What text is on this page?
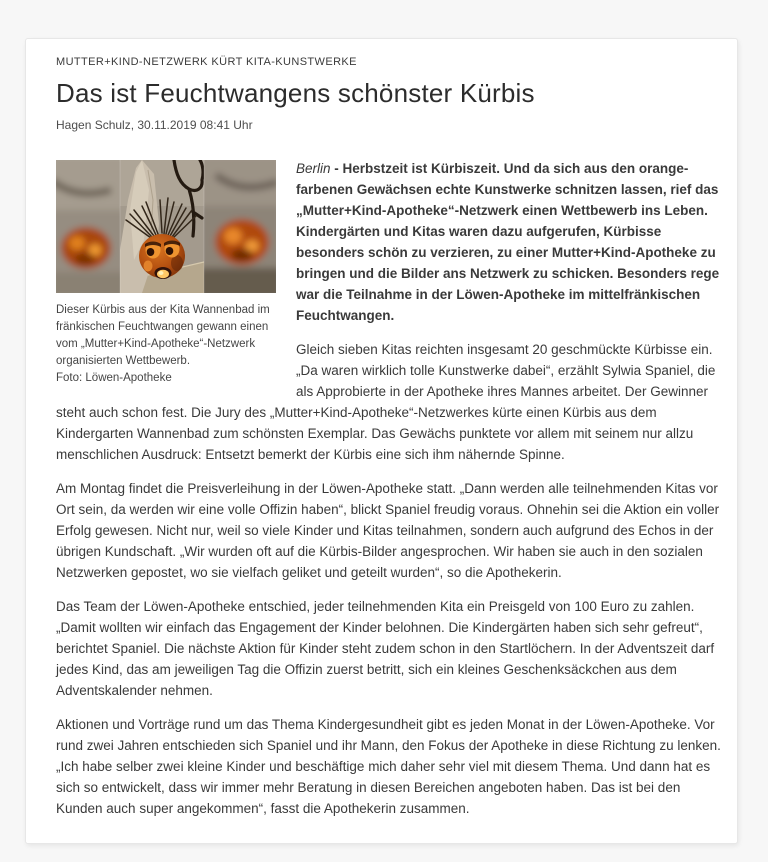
MUTTER+KIND-NETZWERK KÜRT KITA-KUNSTWERKE
Das ist Feuchtwangens schönster Kürbis
Hagen Schulz, 30.11.2019 08:41 Uhr
Dieser Kürbis aus der Kita Wannenbad im fränkischen Feuchtwangen gewann einen vom „Mutter+Kind-Apotheke“-Netzwerk organisierten Wettbewerb.
Foto: Löwen-Apotheke

Berlin - Herbstzeit ist Kürbiszeit. Und da sich aus den orange-farbenen Gewächsen echte Kunstwerke schnitzen lassen, rief das „Mutter+Kind-Apotheke“-Netzwerk einen Wettbewerb ins Leben. Kindergärten und Kitas waren dazu aufgerufen, Kürbisse besonders schön zu verzieren, zu einer Mutter+Kind-Apotheke zu bringen und die Bilder ans Netzwerk zu schicken. Besonders rege war die Teilnahme in der Löwen-Apotheke im mittelfränkischen Feuchtwangen.

Gleich sieben Kitas reichten insgesamt 20 geschmückte Kürbisse ein. „Da waren wirklich tolle Kunstwerke dabei“, erzählt Sylwia Spaniel, die als Approbierte in der Apotheke ihres Mannes arbeitet. Der Gewinner steht auch schon fest. Die Jury des „Mutter+Kind-Apotheke“-Netzwerkes kürte einen Kürbis aus dem Kindergarten Wannenbad zum schönsten Exemplar. Das Gewächs punktete vor allem mit seinem nur allzu menschlichen Ausdruck: Entsetzt bemerkt der Kürbis eine sich ihm nähernde Spinne.

Am Montag findet die Preisverleihung in der Löwen-Apotheke statt. „Dann werden alle teilnehmenden Kitas vor Ort sein, da werden wir eine volle Offizin haben“, blickt Spaniel freudig voraus. Ohnehin sei die Aktion ein voller Erfolg gewesen. Nicht nur, weil so viele Kinder und Kitas teilnahmen, sondern auch aufgrund des Echos in der übrigen Kundschaft. „Wir wurden oft auf die Kürbis-Bilder angesprochen. Wir haben sie auch in den sozialen Netzwerken gepostet, wo sie vielfach geliket und geteilt wurden“, so die Apothekerin.

Das Team der Löwen-Apotheke entschied, jeder teilnehmenden Kita ein Preisgeld von 100 Euro zu zahlen. „Damit wollten wir einfach das Engagement der Kinder belohnen. Die Kindergärten haben sich sehr gefreut“, berichtet Spaniel. Die nächste Aktion für Kinder steht zudem schon in den Startlöchern. In der Adventszeit darf jedes Kind, das am jeweiligen Tag die Offizin zuerst betritt, sich ein kleines Geschenksäckchen aus dem Adventskalender nehmen.

Aktionen und Vorträge rund um das Thema Kindergesundheit gibt es jeden Monat in der Löwen-Apotheke. Vor rund zwei Jahren entschieden sich Spaniel und ihr Mann, den Fokus der Apotheke in diese Richtung zu lenken. „Ich habe selber zwei kleine Kinder und beschäftige mich daher sehr viel mit diesem Thema. Und dann hat es sich so entwickelt, dass wir immer mehr Beratung in diesen Bereichen angeboten haben. Das ist bei den Kunden auch super angekommen“, fasst die Apothekerin zusammen.
